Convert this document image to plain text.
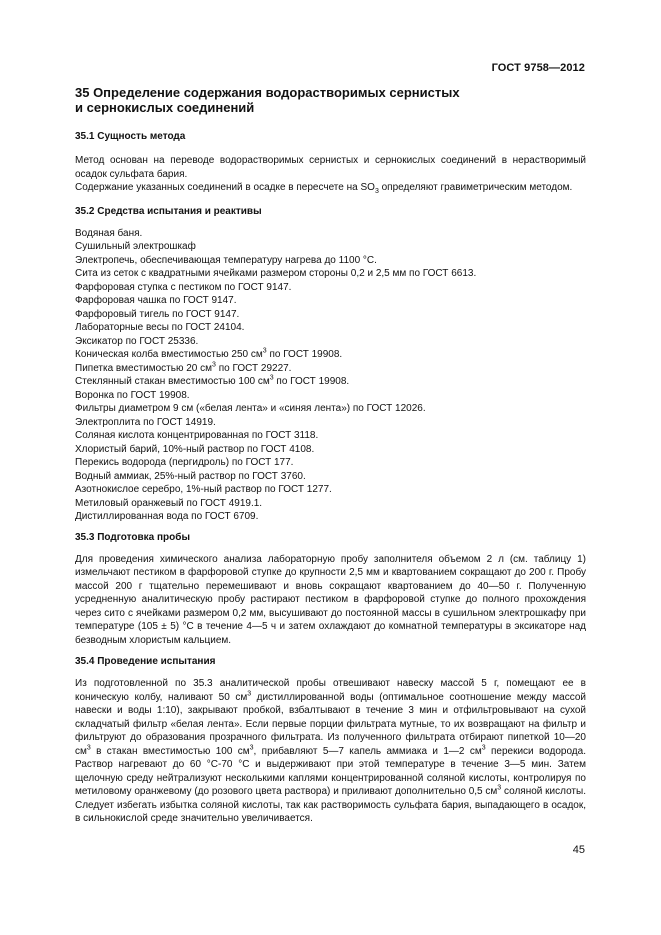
ГОСТ 9758—2012
35 Определение содержания водорастворимых сернистых
и сернокислых соединений
35.1 Сущность метода

Метод основан на переводе водорастворимых сернистых и сернокислых соединений в нерастворимый осадок сульфата бария.

Содержание указанных соединений в осадке в пересчете на $SO_3$ определяют гравиметрическим методом.

35.2 Средства испытания и реактивы

Водяная баня.

Сушильный электрошкаф

Электропечь, обеспечивающая температуру нагрева до 1100 °С.

Сита из сеток с квадратными ячейками размером стороны 0,2 и 2,5 мм по ГОСТ 6613.

Фарфоровая ступка с пестиком по ГОСТ 9147.

Фарфоровая чашка по ГОСТ 9147.

Фарфоровый тигель по ГОСТ 9147.

Лабораторные весы по ГОСТ 24104.

Эксикатор по ГОСТ 25336.

Коническая колба вместимостью 250 $см^3$ по ГОСТ 19908.

Пипетка вместимостью 20 $см^3$ по ГОСТ 29227.

Стеклянный стакан вместимостью 100 $см^3$ по ГОСТ 19908.

Воронка по ГОСТ 19908.

Фильтры диаметром 9 см («белая лента» и «синяя лента») по ГОСТ 12026.

Электроплита по ГОСТ 14919.

Соляная кислота концентрированная по ГОСТ 3118.

Хлористый барий, 10%-ный раствор по ГОСТ 4108.

Перекись водорода (пергидроль) по ГОСТ 177.

Водный аммиак, 25%-ный раствор по ГОСТ 3760.

Азотнокислое серебро, 1%-ный раствор по ГОСТ 1277.

Метиловый оранжевый по ГОСТ 4919.1.

Дистиллированная вода по ГОСТ 6709.

35.3 Подготовка пробы

Для проведения химического анализа лабораторную пробу заполнителя объемом 2 л (см. таблицу 1) измельчают пестиком в фарфоровой ступке до крупности 2,5 мм и квартованием сокращают до 200 г. Пробу массой 200 г тщательно перемешивают и вновь сокращают квартованием до 40—50 г. Полученную усредненную аналитическую пробу растирают пестиком в фарфоровой ступке до полного прохождения через сито с ячейками размером 0,2 мм, высушивают до постоянной массы в сушильном электрошкафу при температуре (105 ± 5) °С в течение 4—5 ч и затем охлаждают до комнатной температуры в эксикаторе над безводным хлористым кальцием.

35.4 Проведение испытания

Из подготовленной по 35.3 аналитической пробы отвешивают навеску массой 5 г, помещают ее в коническую колбу, наливают 50 $см^3$ дистиллированной воды (оптимальное соотношение между массой навески и воды 1:10), закрывают пробкой, взбалтывают в течение 3 мин и отфильтровывают на сухой складчатый фильтр «белая лента». Если первые порции фильтрата мутные, то их возвращают на фильтр и фильтруют до образования прозрачного фильтрата. Из полученного фильтрата отбирают пипеткой 10—20 $см^3$ в стакан вместимостью 100 $см^3$, прибавляют 5—7 капель аммиака и 1—2 $см^3$ перекиси водорода. Раствор нагревают до 60 °С-70 °С и выдерживают при этой температуре в течение 3—5 мин. Затем щелочную среду нейтрализуют несколькими каплями концентрированной соляной кислоты, контролируя по метиловому оранжевому (до розового цвета раствора) и приливают дополнительно 0,5 $см^3$ соляной кислоты. Следует избегать избытка соляной кислоты, так как растворимость сульфата бария, выпадающего в осадок, в сильнокислой среде значительно увеличивается.

45
